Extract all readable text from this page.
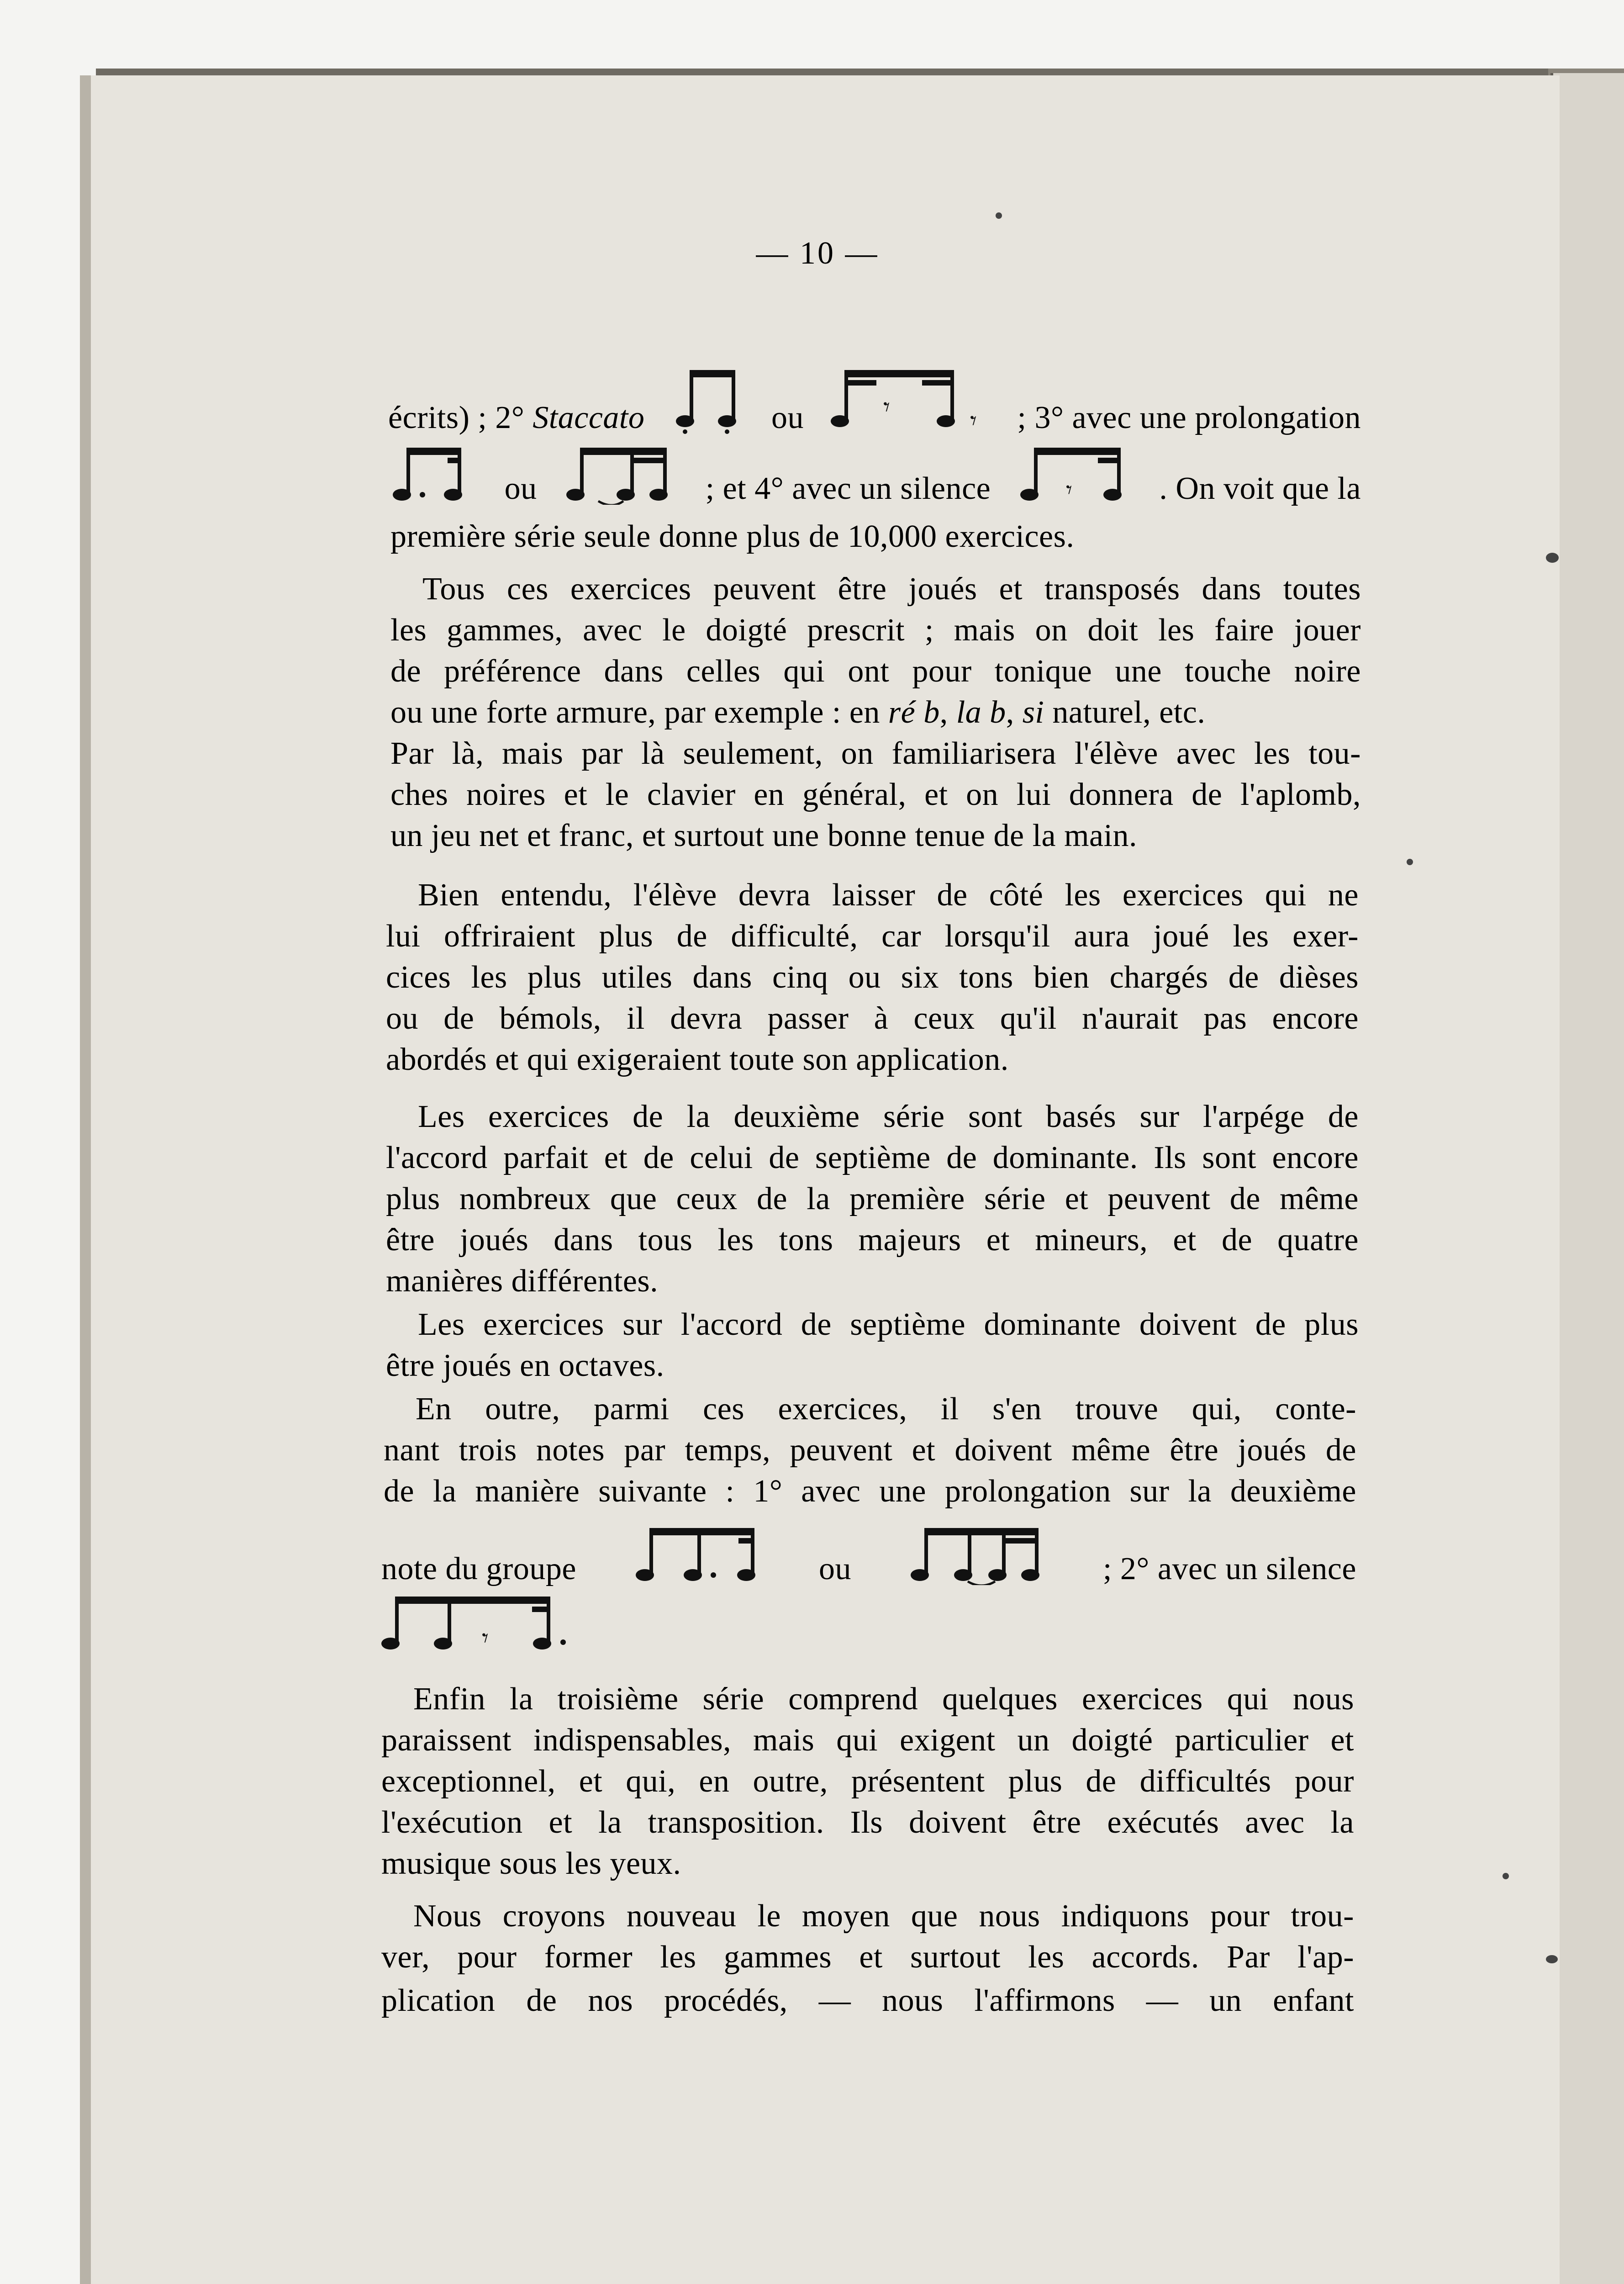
— 10 —
écrits) ; 2° Staccato	ou	𝄾	𝄾 ; 3° avec une prolongation
ou	; et 4° avec un silence	𝄾	. On voit que la
première série seule donne plus de 10,000 exercices.
Tous ces exercices peuvent être joués et transposés dans toutes
les gammes, avec le doigté prescrit ; mais on doit les faire jouer
de préférence dans celles qui ont pour tonique une touche noire
ou une forte armure, par exemple : en ré b, la b, si naturel, etc.
Par là, mais par là seulement, on familiarisera l'élève avec les tou-
ches noires et le clavier en général, et on lui donnera de l'aplomb,
un jeu net et franc, et surtout une bonne tenue de la main.
Bien entendu, l'élève devra laisser de côté les exercices qui ne
lui offriraient plus de difficulté, car lorsqu'il aura joué les exer-
cices les plus utiles dans cinq ou six tons bien chargés de dièses
ou de bémols, il devra passer à ceux qu'il n'aurait pas encore
abordés et qui exigeraient toute son application.
Les exercices de la deuxième série sont basés sur l'arpége de
l'accord parfait et de celui de septième de dominante. Ils sont encore
plus nombreux que ceux de la première série et peuvent de même
être joués dans tous les tons majeurs et mineurs, et de quatre
manières différentes.
Les exercices sur l'accord de septième dominante doivent de plus
être joués en octaves.
En outre, parmi ces exercices, il s'en trouve qui, conte-
nant trois notes par temps, peuvent et doivent même être joués de
de la manière suivante : 1° avec une prolongation sur la deuxième
note du groupe	ou	; 2° avec un silence
𝄾
Enfin la troisième série comprend quelques exercices qui nous
paraissent indispensables, mais qui exigent un doigté particulier et
exceptionnel, et qui, en outre, présentent plus de difficultés pour
l'exécution et la transposition. Ils doivent être exécutés avec la
musique sous les yeux.
Nous croyons nouveau le moyen que nous indiquons pour trou-
ver, pour former les gammes et surtout les accords. Par l'ap-
plication de nos procédés, — nous l'affirmons — un enfant
